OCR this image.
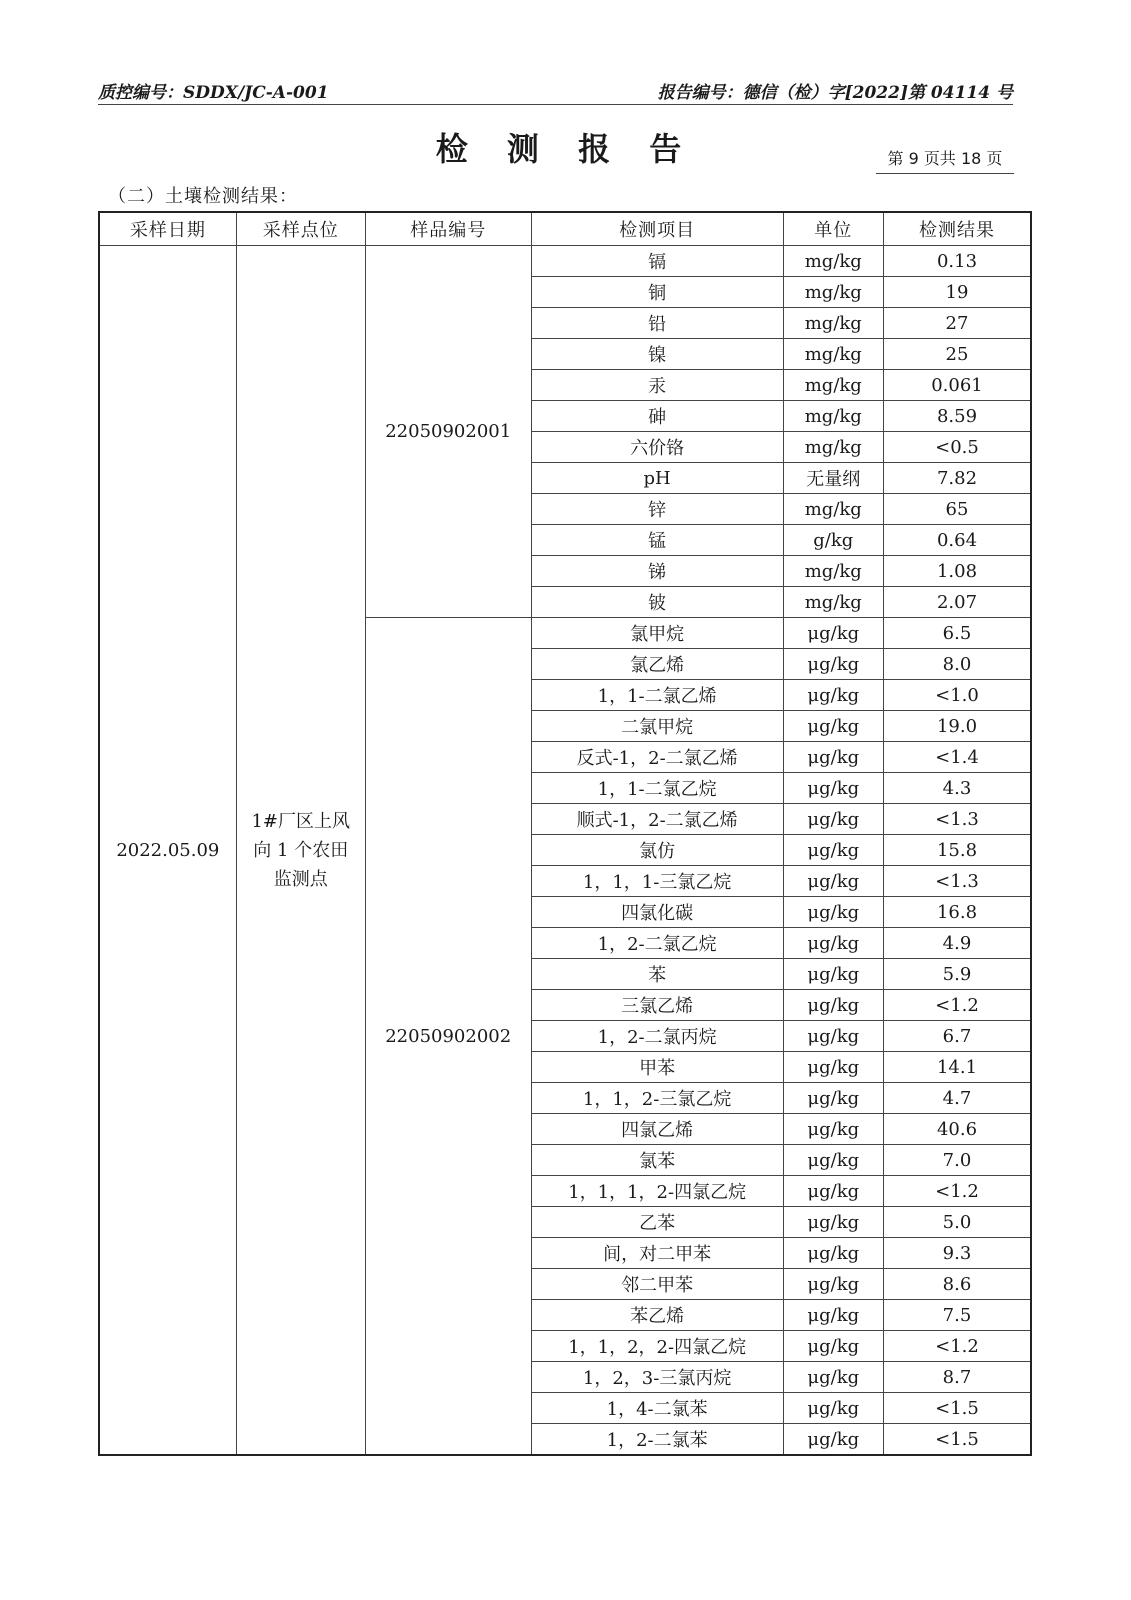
质控编号：SDDX/JC-A-001	报告编号：德信（检）字[2022]第 04114 号
检 测 报 告	第 9 页共 18 页
（二）土壤检测结果：
采样日期	采样点位	样品编号	检测项目	单位	检测结果
2022.05.09	1#厂区上风向 1 个农田监测点	22050902001	镉	mg/kg	0.13
			铜	mg/kg	19
			铅	mg/kg	27
			镍	mg/kg	25
			汞	mg/kg	0.061
			砷	mg/kg	8.59
			六价铬	mg/kg	<0.5
			pH	无量纲	7.82
			锌	mg/kg	65
			锰	g/kg	0.64
			锑	mg/kg	1.08
			铍	mg/kg	2.07
		22050902002	氯甲烷	μg/kg	6.5
			氯乙烯	μg/kg	8.0
			1，1-二氯乙烯	μg/kg	<1.0
			二氯甲烷	μg/kg	19.0
			反式-1，2-二氯乙烯	μg/kg	<1.4
			1，1-二氯乙烷	μg/kg	4.3
			顺式-1，2-二氯乙烯	μg/kg	<1.3
			氯仿	μg/kg	15.8
			1，1，1-三氯乙烷	μg/kg	<1.3
			四氯化碳	μg/kg	16.8
			1，2-二氯乙烷	μg/kg	4.9
			苯	μg/kg	5.9
			三氯乙烯	μg/kg	<1.2
			1，2-二氯丙烷	μg/kg	6.7
			甲苯	μg/kg	14.1
			1，1，2-三氯乙烷	μg/kg	4.7
			四氯乙烯	μg/kg	40.6
			氯苯	μg/kg	7.0
			1，1，1，2-四氯乙烷	μg/kg	<1.2
			乙苯	μg/kg	5.0
			间，对二甲苯	μg/kg	9.3
			邻二甲苯	μg/kg	8.6
			苯乙烯	μg/kg	7.5
			1，1，2，2-四氯乙烷	μg/kg	<1.2
			1，2，3-三氯丙烷	μg/kg	8.7
			1，4-二氯苯	μg/kg	<1.5
			1，2-二氯苯	μg/kg	<1.5
